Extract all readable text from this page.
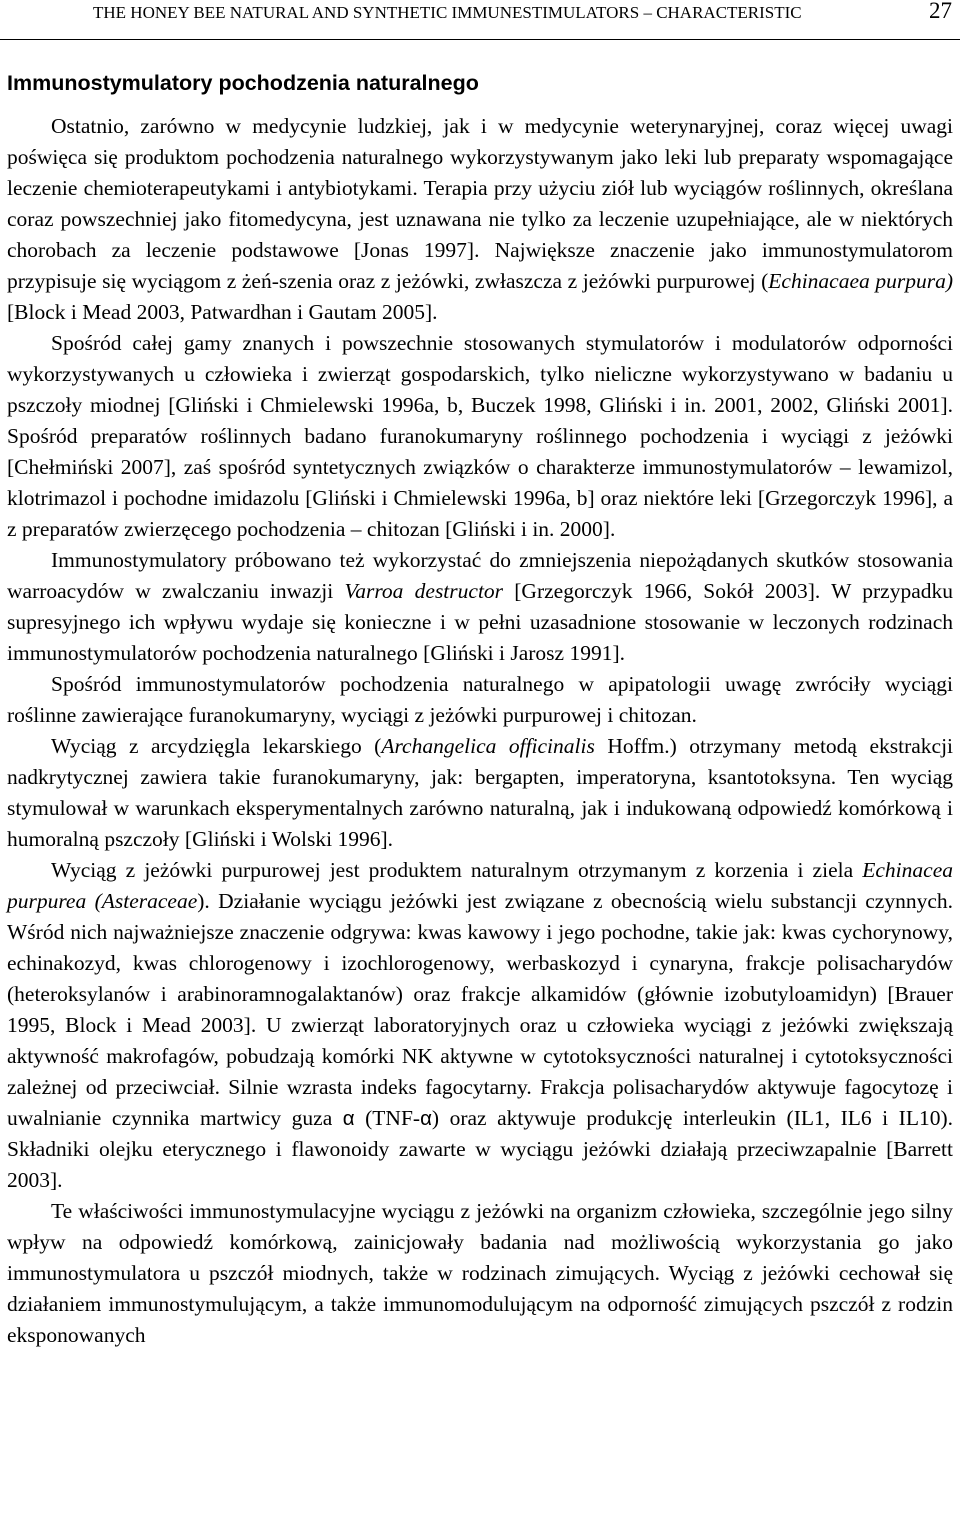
THE HONEY BEE NATURAL AND SYNTHETIC IMMUNESTIMULATORS – CHARACTERISTIC	27
Immunostymulatory pochodzenia naturalnego

Ostatnio, zarówno w medycynie ludzkiej, jak i w medycynie weterynaryjnej, coraz więcej uwagi poświęca się produktom pochodzenia naturalnego wykorzystywanym jako leki lub preparaty wspomagające leczenie chemioterapeutykami i antybiotykami. Terapia przy użyciu ziół lub wyciągów roślinnych, określana coraz powszechniej jako fitomedycyna, jest uznawana nie tylko za leczenie uzupełniające, ale w niektórych chorobach za leczenie podstawowe [Jonas 1997]. Największe znaczenie jako immunostymulatorom przypisuje się wyciągom z żeń-szenia oraz z jeżówki, zwłaszcza z jeżówki purpurowej (Echinacaea purpura) [Block i Mead 2003, Patwardhan i Gautam 2005].

Spośród całej gamy znanych i powszechnie stosowanych stymulatorów i modulatorów odporności wykorzystywanych u człowieka i zwierząt gospodarskich, tylko nieliczne wykorzystywano w badaniu u pszczoły miodnej [Gliński i Chmielewski 1996a, b, Buczek 1998, Gliński i in. 2001, 2002, Gliński 2001]. Spośród preparatów roślinnych badano furanokumaryny roślinnego pochodzenia i wyciągi z jeżówki [Chełmiński 2007], zaś spośród syntetycznych związków o charakterze immunostymulatorów – lewamizol, klotrimazol i pochodne imidazolu [Gliński i Chmielewski 1996a, b] oraz niektóre leki [Grzegorczyk 1996], a z preparatów zwierzęcego pochodzenia – chitozan [Gliński i in. 2000].

Immunostymulatory próbowano też wykorzystać do zmniejszenia niepożądanych skutków stosowania warroacydów w zwalczaniu inwazji Varroa destructor [Grzegorczyk 1966, Sokół 2003]. W przypadku supresyjnego ich wpływu wydaje się konieczne i w pełni uzasadnione stosowanie w leczonych rodzinach immunostymulatorów pochodzenia naturalnego [Gliński i Jarosz 1991].

Spośród immunostymulatorów pochodzenia naturalnego w apipatologii uwagę zwróciły wyciągi roślinne zawierające furanokumaryny, wyciągi z jeżówki purpurowej i chitozan.

Wyciąg z arcydzięgla lekarskiego (Archangelica officinalis Hoffm.) otrzymany metodą ekstrakcji nadkrytycznej zawiera takie furanokumaryny, jak: bergapten, imperatoryna, ksantotoksyna. Ten wyciąg stymulował w warunkach eksperymentalnych zarówno naturalną, jak i indukowaną odpowiedź komórkową i humoralną pszczoły [Gliński i Wolski 1996].

Wyciąg z jeżówki purpurowej jest produktem naturalnym otrzymanym z korzenia i ziela Echinacea purpurea (Asteraceae). Działanie wyciągu jeżówki jest związane z obecnością wielu substancji czynnych. Wśród nich najważniejsze znaczenie odgrywa: kwas kawowy i jego pochodne, takie jak: kwas cychorynowy, echinakozyd, kwas chlorogenowy i izochlorogenowy, werbaskozyd i cynaryna, frakcje polisacharydów (heteroksylanów i arabinoramnogalaktanów) oraz frakcje alkamidów (głównie izobutyloamidyn) [Brauer 1995, Block i Mead 2003]. U zwierząt laboratoryjnych oraz u człowieka wyciągi z jeżówki zwiększają aktywność makrofagów, pobudzają komórki NK aktywne w cytotoksyczności naturalnej i cytotoksyczności zależnej od przeciwciał. Silnie wzrasta indeks fagocytarny. Frakcja polisacharydów aktywuje fagocytozę i uwalnianie czynnika martwicy guza α (TNF-α) oraz aktywuje produkcję interleukin (IL1, IL6 i IL10). Składniki olejku eterycznego i flawonoidy zawarte w wyciągu jeżówki działają przeciwzapalnie [Barrett 2003].

Te właściwości immunostymulacyjne wyciągu z jeżówki na organizm człowieka, szczególnie jego silny wpływ na odpowiedź komórkową, zainicjowały badania nad możliwością wykorzystania go jako immunostymulatora u pszczół miodnych, także w rodzinach zimujących. Wyciąg z jeżówki cechował się działaniem immunostymulującym, a także immunomodulującym na odporność zimujących pszczół z rodzin eksponowanych
